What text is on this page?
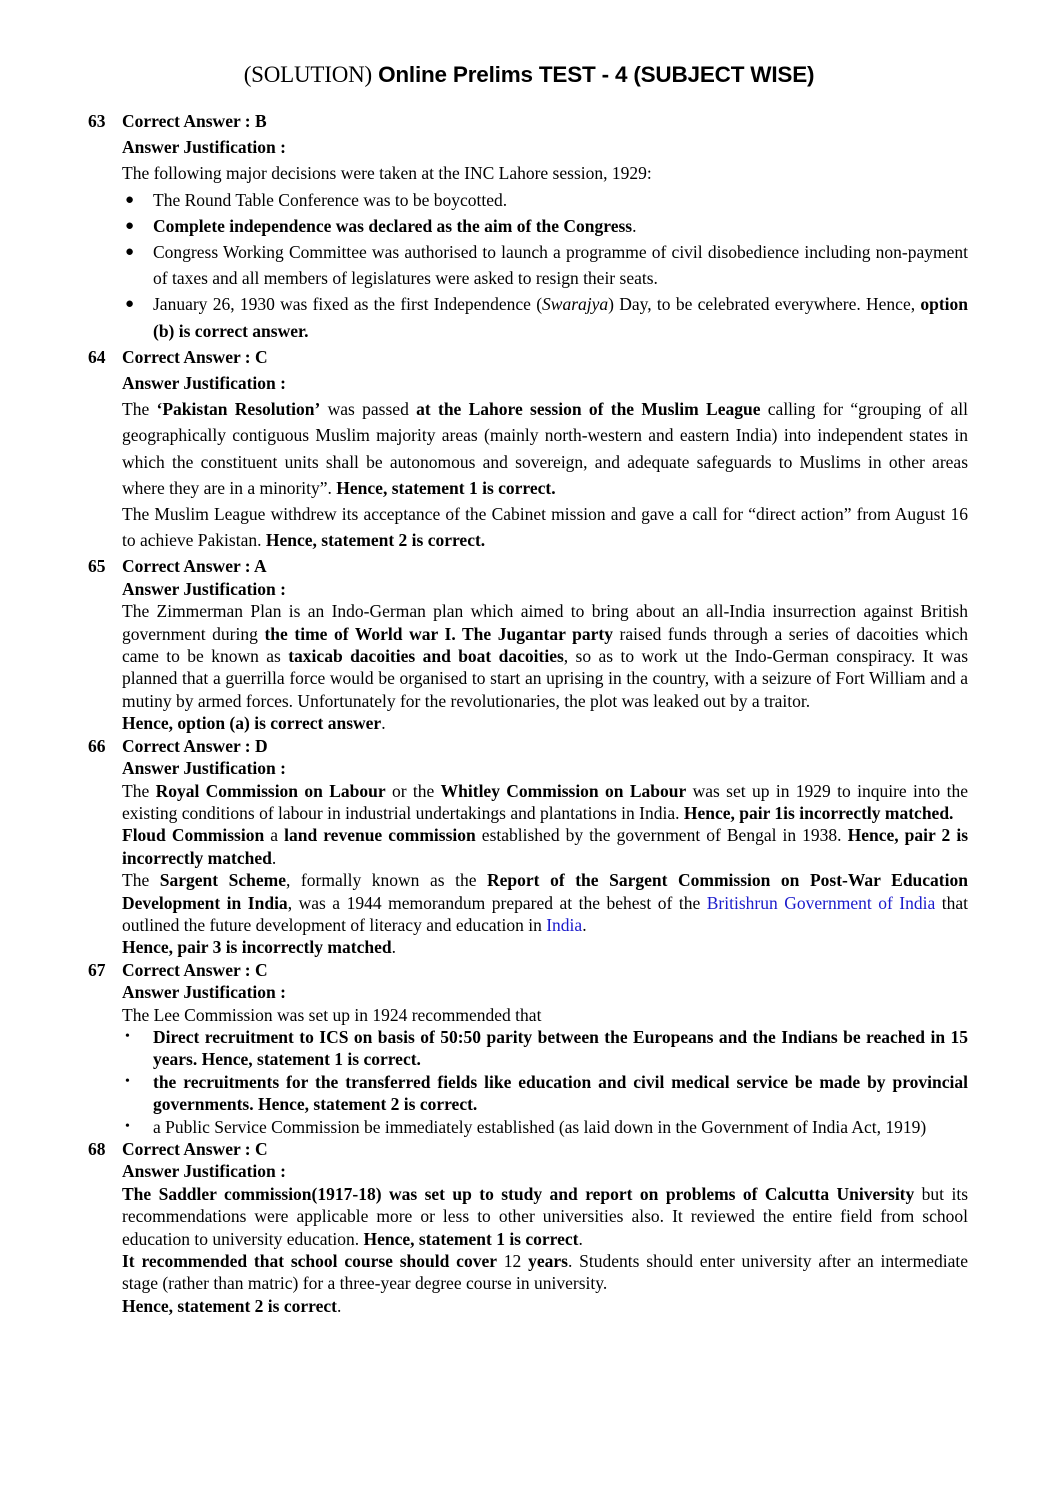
(SOLUTION) Online Prelims TEST - 4 (SUBJECT WISE)
63 Correct Answer : B
Answer Justification :

The following major decisions were taken at the INC Lahore session, 1929:

● The Round Table Conference was to be boycotted.
● Complete independence was declared as the aim of the Congress.
● Congress Working Committee was authorised to launch a programme of civil disobedience including non-payment of taxes and all members of legislatures were asked to resign their seats.
● January 26, 1930 was fixed as the first Independence (Swarajya) Day, to be celebrated everywhere. Hence, option (b) is correct answer.
64 Correct Answer : C
Answer Justification :

The ‘Pakistan Resolution’ was passed at the Lahore session of the Muslim League calling for “grouping of all geographically contiguous Muslim majority areas (mainly north-western and eastern India) into independent states in which the constituent units shall be autonomous and sovereign, and adequate safeguards to Muslims in other areas where they are in a minority”. Hence, statement 1 is correct.

The Muslim League withdrew its acceptance of the Cabinet mission and gave a call for “direct action” from August 16 to achieve Pakistan. Hence, statement 2 is correct.

65 Correct Answer : A
Answer Justification :

The Zimmerman Plan is an Indo-German plan which aimed to bring about an all-India insurrection against British government during the time of World war I. The Jugantar party raised funds through a series of dacoities which came to be known as taxicab dacoities and boat dacoities, so as to work ut the Indo-German conspiracy. It was planned that a guerrilla force would be organised to start an uprising in the country, with a seizure of Fort William and a mutiny by armed forces. Unfortunately for the revolutionaries, the plot was leaked out by a traitor.

Hence, option (a) is correct answer.

66 Correct Answer : D
Answer Justification :

The Royal Commission on Labour or the Whitley Commission on Labour was set up in 1929 to inquire into the existing conditions of labour in industrial undertakings and plantations in India. Hence, pair 1is incorrectly matched.

Floud Commission a land revenue commission established by the government of Bengal in 1938. Hence, pair 2 is incorrectly matched.

The Sargent Scheme, formally known as the Report of the Sargent Commission on Post-War Education Development in India, was a 1944 memorandum prepared at the behest of the Britishrun Government of India that outlined the future development of literacy and education in India.

Hence, pair 3 is incorrectly matched.

67 Correct Answer : C
Answer Justification :

The Lee Commission was set up in 1924 recommended that

• Direct recruitment to ICS on basis of 50:50 parity between the Europeans and the Indians be reached in 15 years. Hence, statement 1 is correct.
• the recruitments for the transferred fields like education and civil medical service be made by provincial governments. Hence, statement 2 is correct.
• a Public Service Commission be immediately established (as laid down in the Government of India Act, 1919)
68 Correct Answer : C
Answer Justification :

The Saddler commission(1917-18) was set up to study and report on problems of Calcutta University but its recommendations were applicable more or less to other universities also. It reviewed the entire field from school education to university education. Hence, statement 1 is correct.

It recommended that school course should cover 12 years. Students should enter university after an intermediate stage (rather than matric) for a three-year degree course in university.

Hence, statement 2 is correct.
